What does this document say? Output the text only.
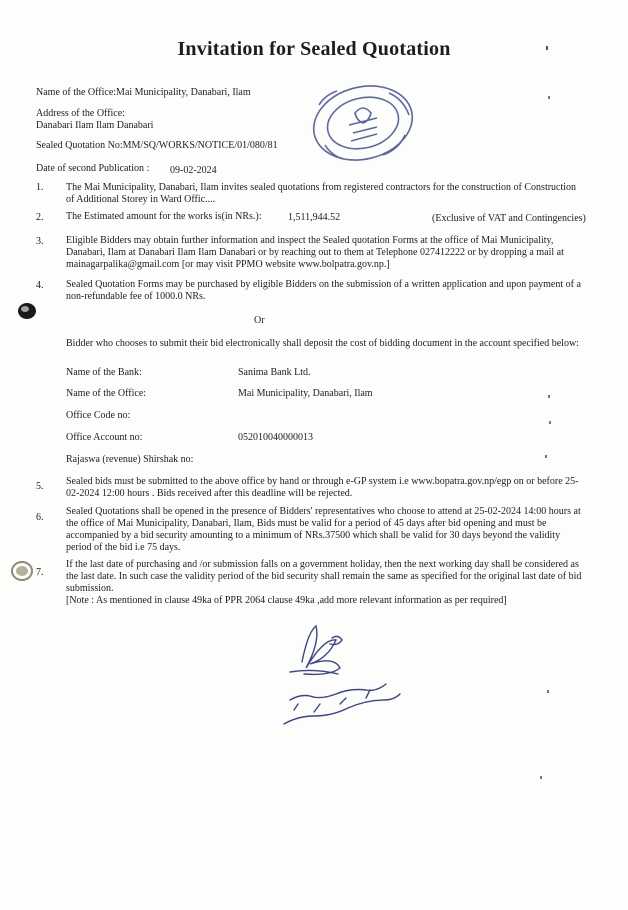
Invitation for Sealed Quotation
Name of the Office:Mai Municipality, Danabari, Ilam
Address of the Office:
Danabari Ilam Ilam Danabari
Sealed Quotation No:MM/SQ/WORKS/NOTICE/01/080/81
Date of second Publication : 09-02-2024
1. The Mai Municipality, Danabari, Ilam invites sealed quotations from registered contractors for the construction of Construction
of Additional Storey in Ward Offic....
2. The Estimated amount for the works is(in NRs.):	1,511,944.52	(Exclusive of VAT and Contingencies)
3. Eligible Bidders may obtain further information and inspect the Sealed quotation Forms at the office of Mai Municipality,
Danabari, Ilam at Danabari Ilam Ilam Danabari or by reaching out to them at Telephone 027412222 or by dropping a mail at
mainagarpalika@gmail.com [or may visit PPMO website www.bolpatra.gov.np.]
4. Sealed Quotation Forms may be purchased by eligible Bidders on the submission of a written application and upon payment of a
non-refundable fee of 1000.0 NRs.
Or
Bidder who chooses to submit their bid electronically shall deposit the cost of bidding document in the account specified below:
Name of the Bank:	Sanima Bank Ltd.
Name of the Office:	Mai Municipality, Danabari, Ilam
Office Code no:
Office Account no:	052010040000013
Rajaswa (revenue) Shirshak no:
5. Sealed bids must be submitted to the above office by hand or through e-GP system i.e www.bopatra.gov.np/egp on or before 25-
02-2024 12:00 hours . Bids received after this deadline will be rejected.
6.
Sealed Quotations shall be opened in the presence of Bidders' representatives who choose to attend at 25-02-2024 14:00 hours at
the office of Mai Municipality, Danabari, Ilam, Bids must be valid for a period of 45 days after bid opening and must be
accompanied by a bid security amounting to a minimum of NRs.37500 which shall be valid for 30 days beyond the validity
period of the bid i.e 75 days.
7.
If the last date of purchasing and /or submission falls on a government holiday, then the next working day shall be considered as
the last date. In such case the validity period of the bid security shall remain the same as specified for the original last date of bid
submission.
[Note : As mentioned in clause 49ka of PPR 2064 clause 49ka ,add more relevant information as per required]
